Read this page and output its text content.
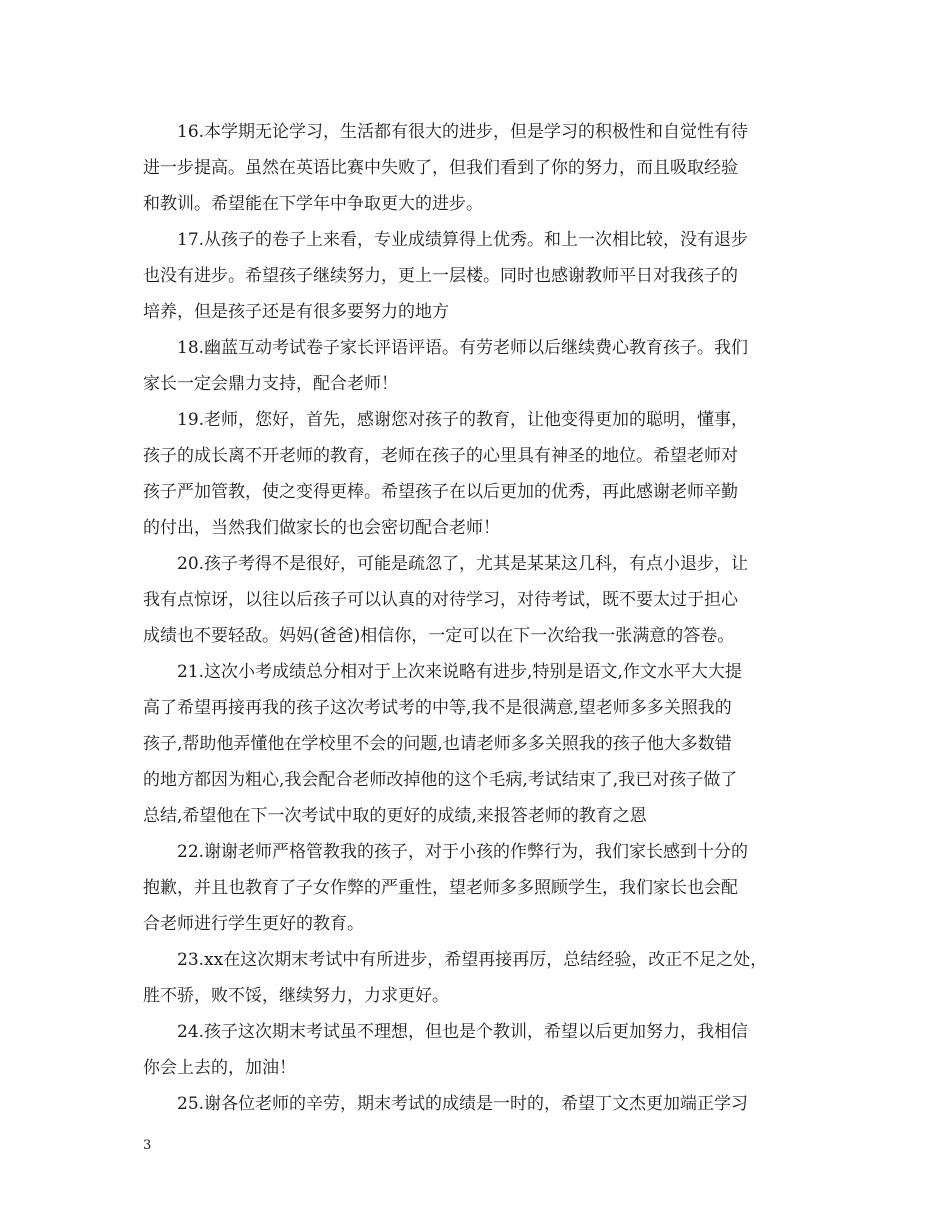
16.本学期无论学习，生活都有很大的进步，但是学习的积极性和自觉性有待
进一步提高。虽然在英语比赛中失败了，但我们看到了你的努力，而且吸取经验
和教训。希望能在下学年中争取更大的进步。
17.从孩子的卷子上来看，专业成绩算得上优秀。和上一次相比较，没有退步
也没有进步。希望孩子继续努力，更上一层楼。同时也感谢教师平日对我孩子的
培养，但是孩子还是有很多要努力的地方
18.幽蓝互动考试卷子家长评语评语。有劳老师以后继续费心教育孩子。我们
家长一定会鼎力支持，配合老师！
19.老师，您好，首先，感谢您对孩子的教育，让他变得更加的聪明，懂事，
孩子的成长离不开老师的教育，老师在孩子的心里具有神圣的地位。希望老师对
孩子严加管教，使之变得更棒。希望孩子在以后更加的优秀，再此感谢老师辛勤
的付出，当然我们做家长的也会密切配合老师！
20.孩子考得不是很好，可能是疏忽了，尤其是某某这几科，有点小退步，让
我有点惊讶，以往以后孩子可以认真的对待学习，对待考试，既不要太过于担心
成绩也不要轻敌。妈妈(爸爸)相信你，一定可以在下一次给我一张满意的答卷。
21.这次小考成绩总分相对于上次来说略有进步,特别是语文,作文水平大大提
高了希望再接再我的孩子这次考试考的中等,我不是很满意,望老师多多关照我的
孩子,帮助他弄懂他在学校里不会的问题,也请老师多多关照我的孩子他大多数错
的地方都因为粗心,我会配合老师改掉他的这个毛病,考试结束了,我已对孩子做了
总结,希望他在下一次考试中取的更好的成绩,来报答老师的教育之恩
22.谢谢老师严格管教我的孩子，对于小孩的作弊行为，我们家长感到十分的
抱歉，并且也教育了子女作弊的严重性，望老师多多照顾学生，我们家长也会配
合老师进行学生更好的教育。
23.xx在这次期末考试中有所进步，希望再接再厉，总结经验，改正不足之处，
胜不骄，败不馁，继续努力，力求更好。
24.孩子这次期末考试虽不理想，但也是个教训，希望以后更加努力，我相信
你会上去的，加油！
25.谢各位老师的辛劳，期末考试的成绩是一时的，希望丁文杰更加端正学习
3
